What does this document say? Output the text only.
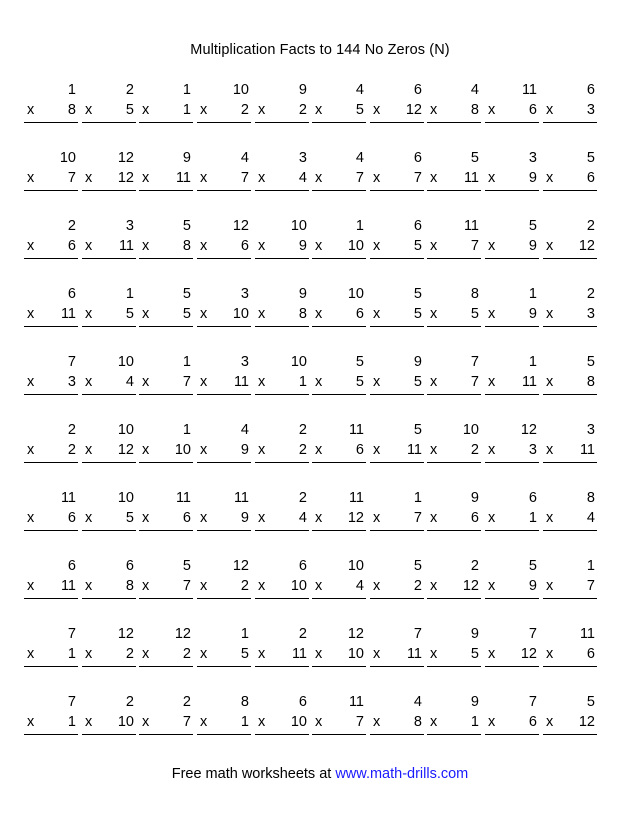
Multiplication Facts to 144 No Zeros (N)
1
x 8
2
x 5
1
x 1
10
x 2
9
x 2
4
x 5
6
x 12
4
x 8
11
x 6
6
x 3
10
x 7
12
x 12
9
x 11
4
x 7
3
x 4
4
x 7
6
x 7
5
x 11
3
x 9
5
x 6
2
x 6
3
x 11
5
x 8
12
x 6
10
x 9
1
x 10
6
x 5
11
x 7
5
x 9
2
x 12
6
x 11
1
x 5
5
x 5
3
x 10
9
x 8
10
x 6
5
x 5
8
x 5
1
x 9
2
x 3
7
x 3
10
x 4
1
x 7
3
x 11
10
x 1
5
x 5
9
x 5
7
x 7
1
x 11
5
x 8
2
x 2
10
x 12
1
x 10
4
x 9
2
x 2
11
x 6
5
x 11
10
x 2
12
x 3
3
x 11
11
x 6
10
x 5
11
x 6
11
x 9
2
x 4
11
x 12
1
x 7
9
x 6
6
x 1
8
x 4
6
x 11
6
x 8
5
x 7
12
x 2
6
x 10
10
x 4
5
x 2
2
x 12
5
x 9
1
x 7
7
x 1
12
x 2
12
x 2
1
x 5
2
x 11
12
x 10
7
x 11
9
x 5
7
x 12
11
x 6
7
x 1
2
x 10
2
x 7
8
x 1
6
x 10
11
x 7
4
x 8
9
x 1
7
x 6
5
x 12
Free math worksheets at www.math-drills.com
